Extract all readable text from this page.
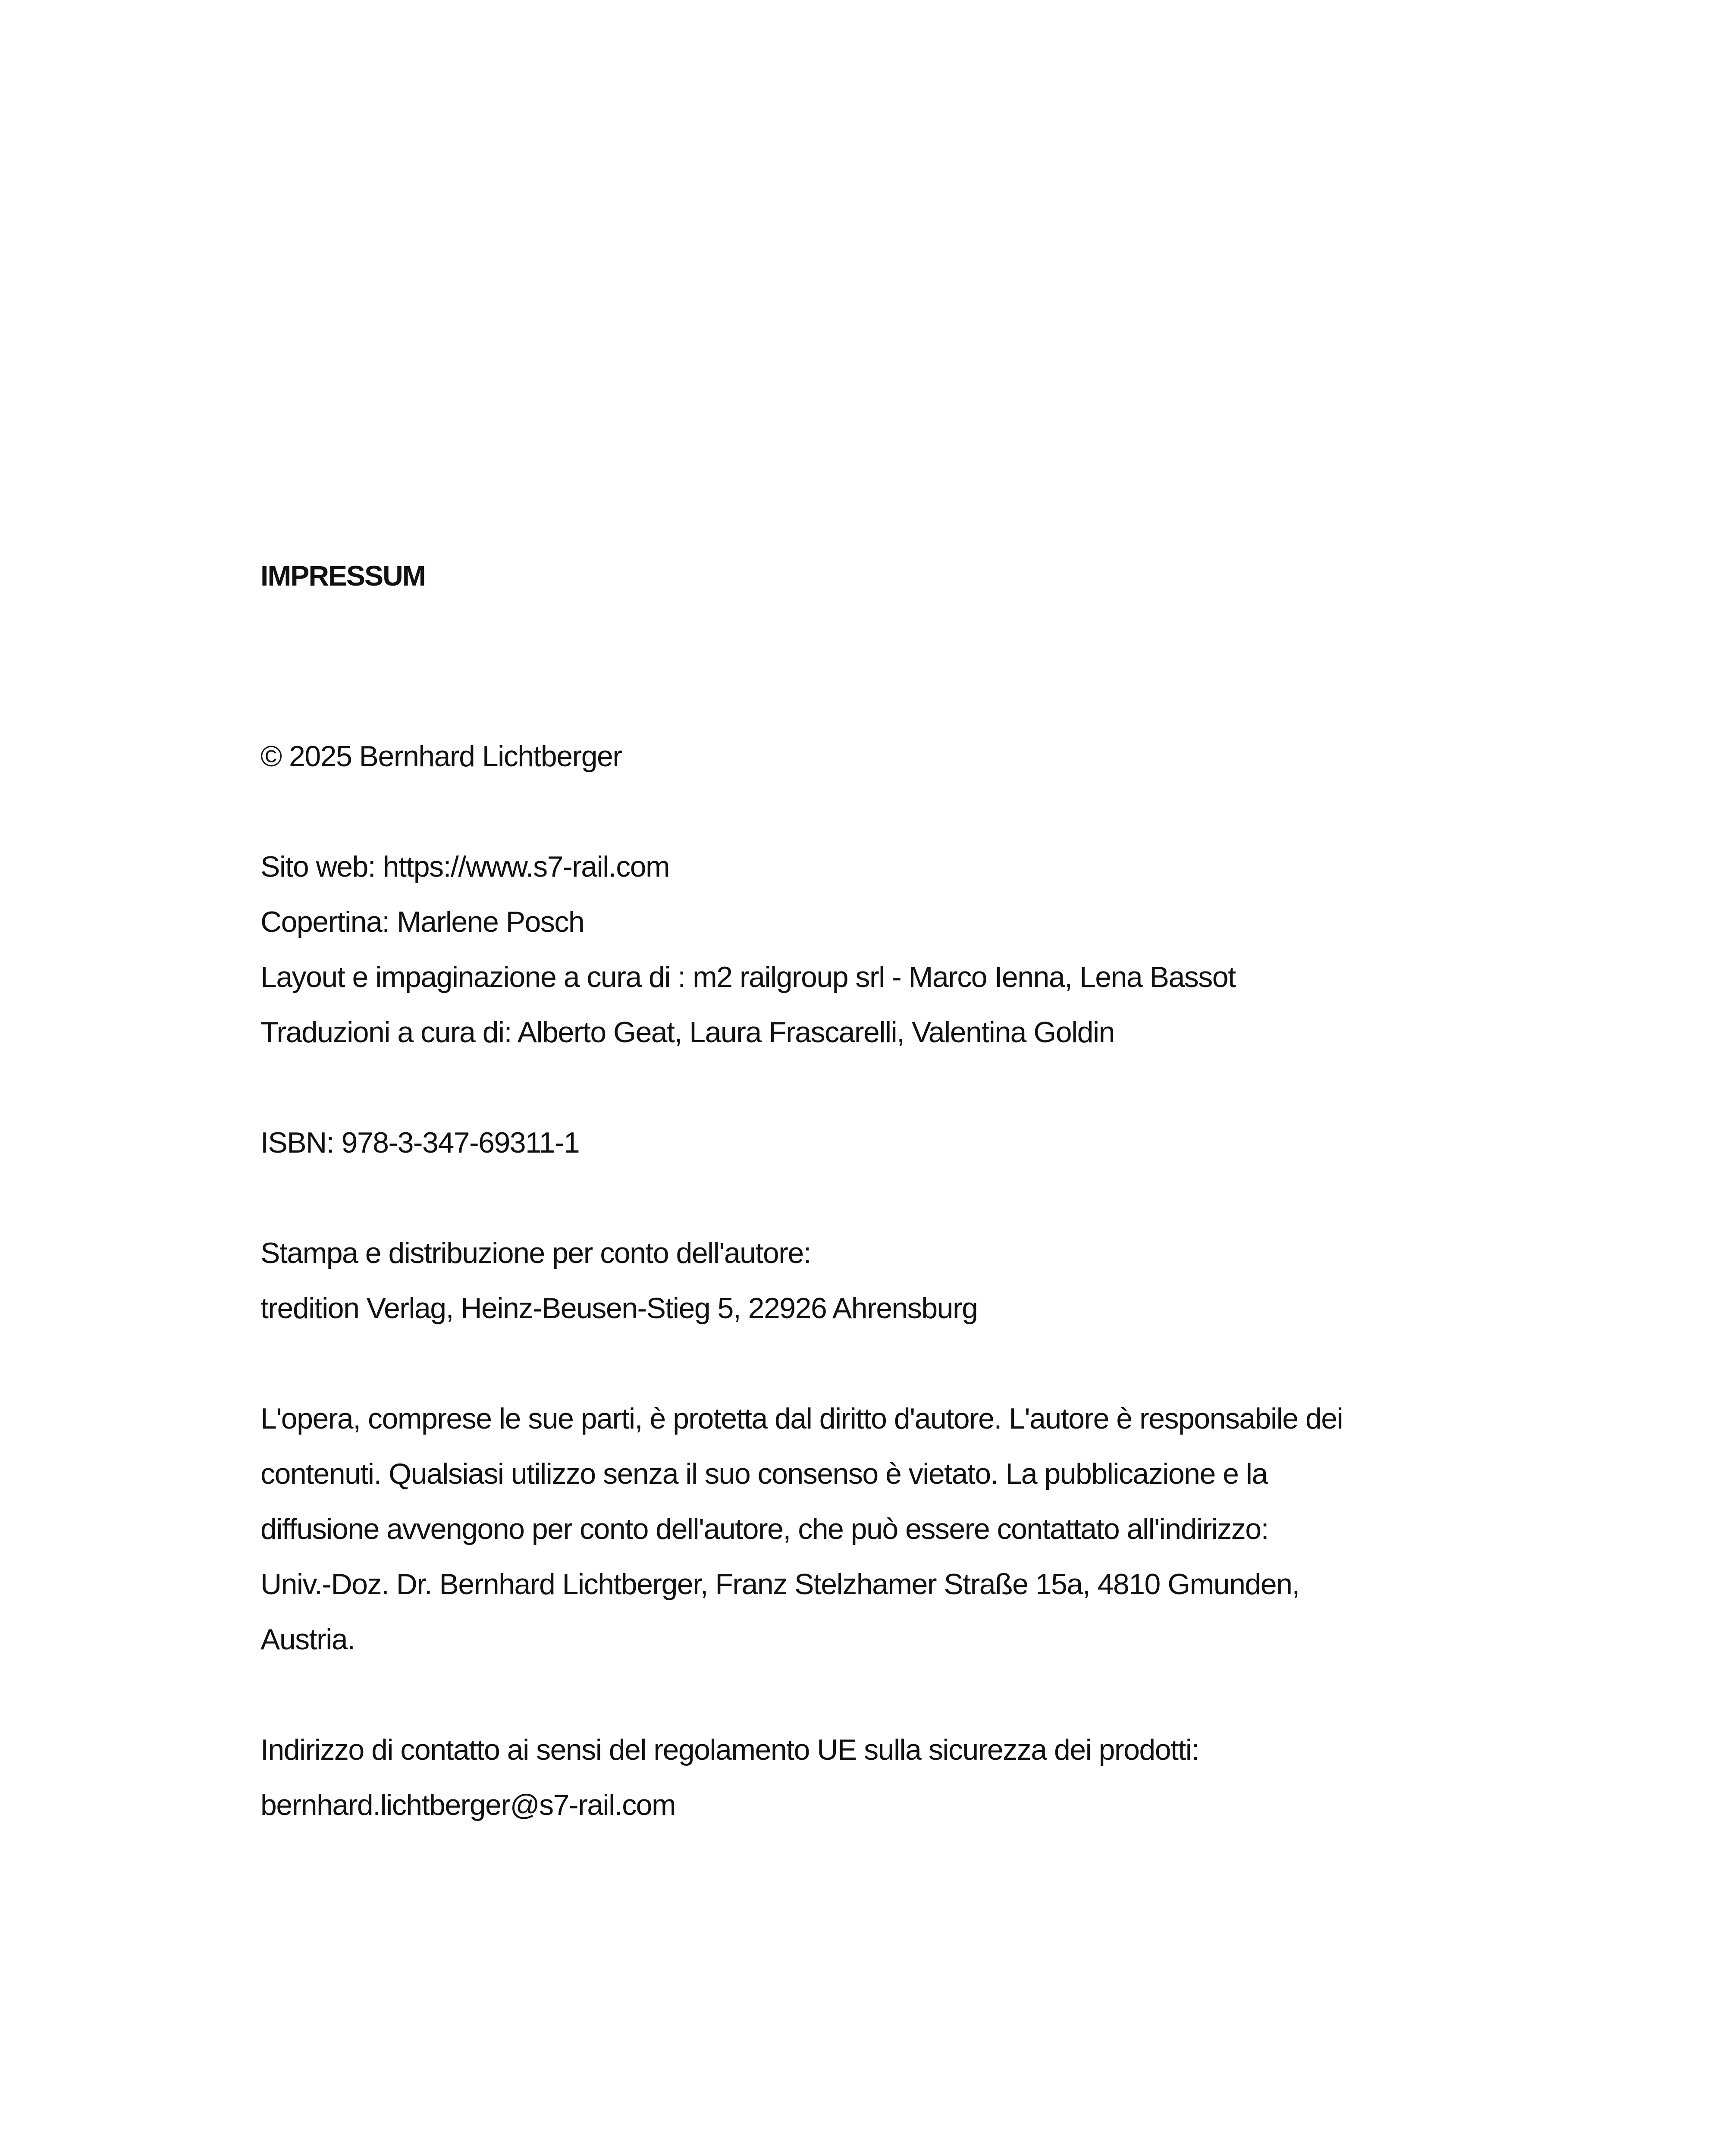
IMPRESSUM

© 2025 Bernhard Lichtberger

Sito web: https://www.s7-rail.com

Copertina: Marlene Posch

Layout e impaginazione a cura di : m2 railgroup srl - Marco Ienna, Lena Bassot

Traduzioni a cura di: Alberto Geat, Laura Frascarelli, Valentina Goldin

ISBN: 978-3-347-69311-1

Stampa e distribuzione per conto dell'autore:

tredition Verlag, Heinz-Beusen-Stieg 5, 22926 Ahrensburg

L'opera, comprese le sue parti, è protetta dal diritto d'autore. L'autore è responsabile dei

contenuti. Qualsiasi utilizzo senza il suo consenso è vietato. La pubblicazione e la

diffusione avvengono per conto dell'autore, che può essere contattato all'indirizzo:

Univ.-Doz. Dr. Bernhard Lichtberger, Franz Stelzhamer Straße 15a, 4810 Gmunden,

Austria.

Indirizzo di contatto ai sensi del regolamento UE sulla sicurezza dei prodotti:

bernhard.lichtberger@s7-rail.com
